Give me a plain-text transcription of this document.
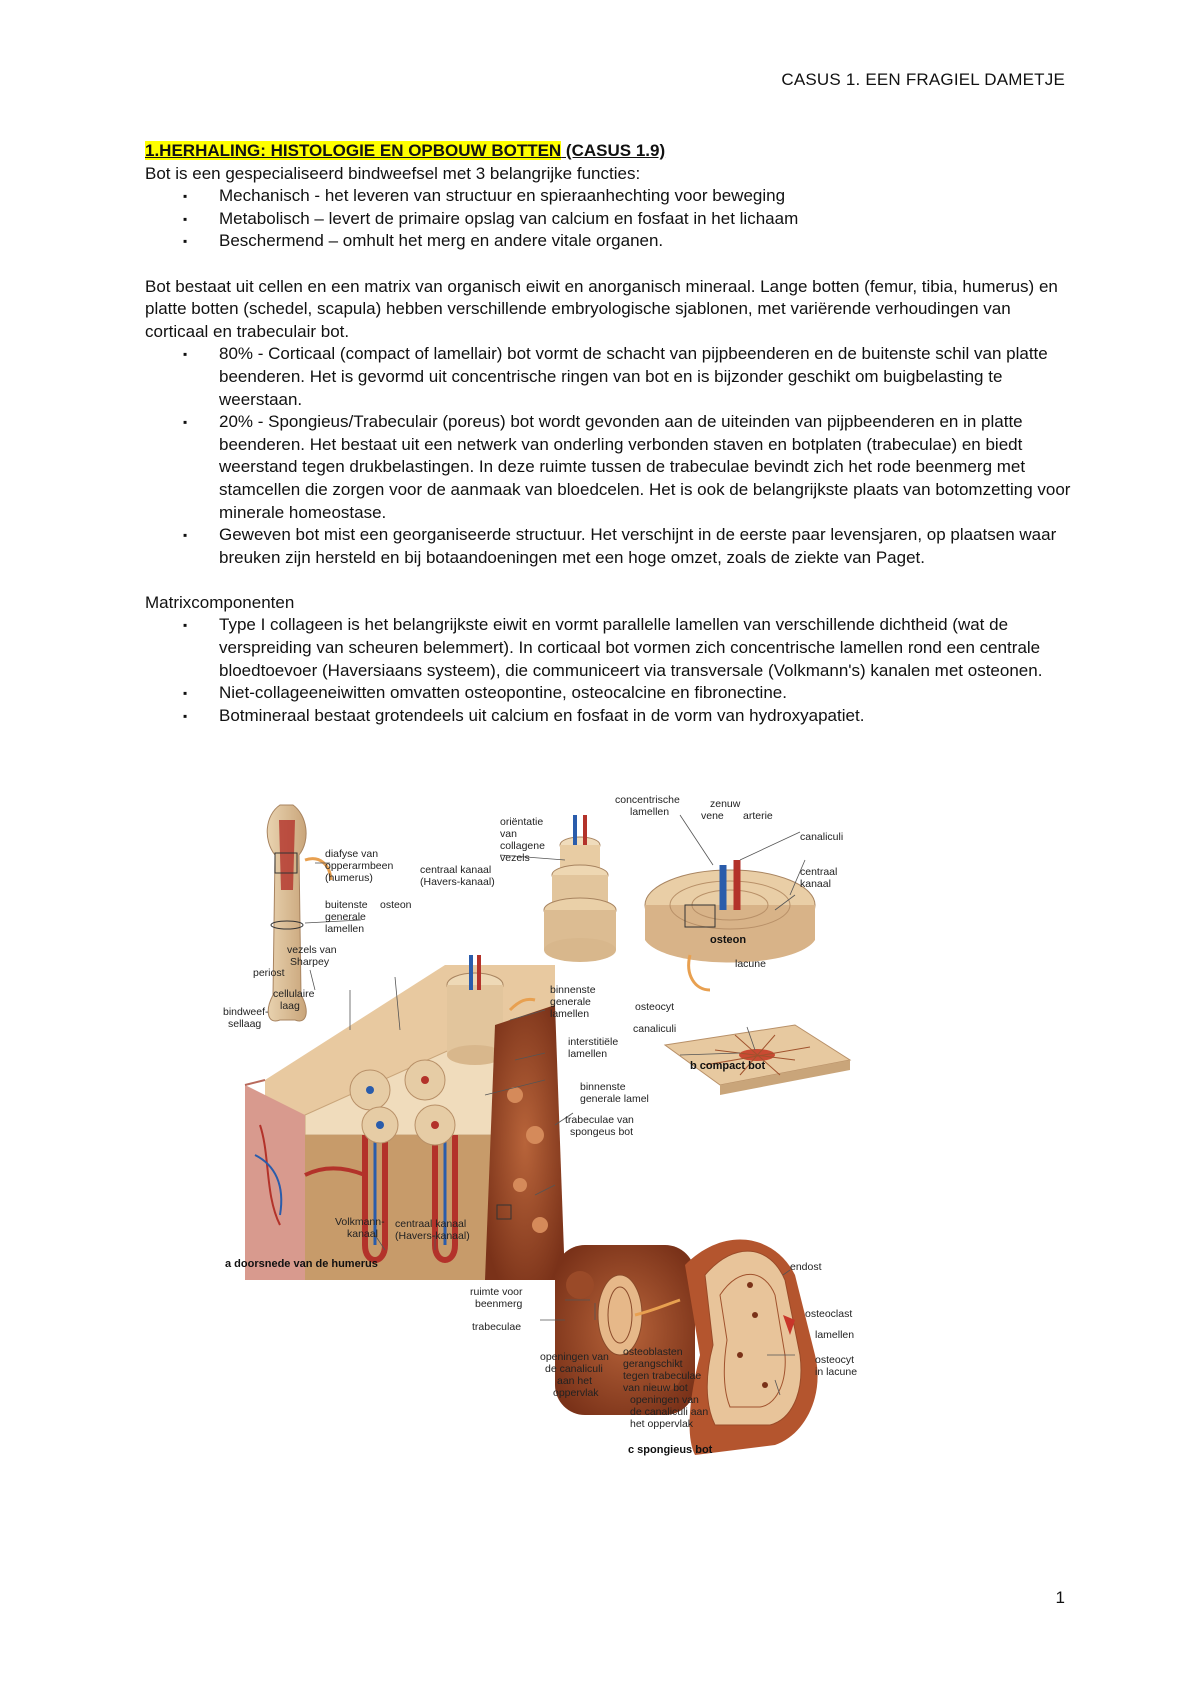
CASUS 1. EEN FRAGIEL DAMETJE
1.HERHALING: HISTOLOGIE EN OPBOUW BOTTEN (CASUS 1.9)

Bot is een gespecialiseerd bindweefsel met 3 belangrijke functies:

▪ Mechanisch - het leveren van structuur en spieraanhechting voor beweging
▪ Metabolisch – levert de primaire opslag van calcium en fosfaat in het lichaam
▪ Beschermend – omhult het merg en andere vitale organen.

Bot bestaat uit cellen en een matrix van organisch eiwit en anorganisch mineraal. Lange botten (femur, tibia, humerus) en platte botten (schedel, scapula) hebben verschillende embryologische sjablonen, met variërende verhoudingen van corticaal en trabeculair bot.

▪ 80% - Corticaal (compact of lamellair) bot vormt de schacht van pijpbeenderen en de buitenste schil van platte beenderen. Het is gevormd uit concentrische ringen van bot en is bijzonder geschikt om buigbelasting te weerstaan.
▪ 20% - Spongieus/Trabeculair (poreus) bot wordt gevonden aan de uiteinden van pijpbeenderen en in platte beenderen. Het bestaat uit een netwerk van onderling verbonden staven en botplaten (trabeculae) en biedt weerstand tegen drukbelastingen. In deze ruimte tussen de trabeculae bevindt zich het rode beenmerg met stamcellen die zorgen voor de aanmaak van bloedcelen. Het is ook de belangrijkste plaats van botomzetting voor minerale homeostase.
▪ Geweven bot mist een georganiseerde structuur. Het verschijnt in de eerste paar levensjaren, op plaatsen waar breuken zijn hersteld en bij botaandoeningen met een hoge omzet, zoals de ziekte van Paget.

Matrixcomponenten

▪ Type I collageen is het belangrijkste eiwit en vormt parallelle lamellen van verschillende dichtheid (wat de verspreiding van scheuren belemmert). In corticaal bot vormen zich concentrische lamellen rond een centrale bloedtoevoer (Haversiaans systeem), die communiceert via transversale (Volkmann's) kanalen met osteonen.
▪ Niet-collageeneiwitten omvatten osteopontine, osteocalcine en fibronectine.
▪ Botmineraal bestaat grotendeels uit calcium en fosfaat in de vorm van hydroxyapatiet.
diafyse van opperarmbeen (humerus)
centraal kanaal (Havers-kanaal)
buitenste generale lamellen
osteon
vezels van Sharpey
periost
cellulaire laag
bindweef-sellaag
binnenste generale lamellen
interstitiële lamellen
binnenste generale lamel
trabeculae van spongeus bot
Volkmann-kanaal
centraal kanaal (Havers-kanaal)
a doorsnede van de humerus
oriëntatie van collagene vezels
concentrische lamellen
zenuw
vene arterie
canaliculi
centraal kanaal
osteon
lacune
osteocyt
canaliculi
b compact bot
ruimte voor beenmerg
trabeculae
openingen van de canaliculi aan het oppervlak
osteoblasten gerangschikt tegen trabeculae van nieuw bot
openingen van de canaliculi aan het oppervlak
endost
osteoclast
lamellen
osteocyt in lacune
c spongieus bot
1
